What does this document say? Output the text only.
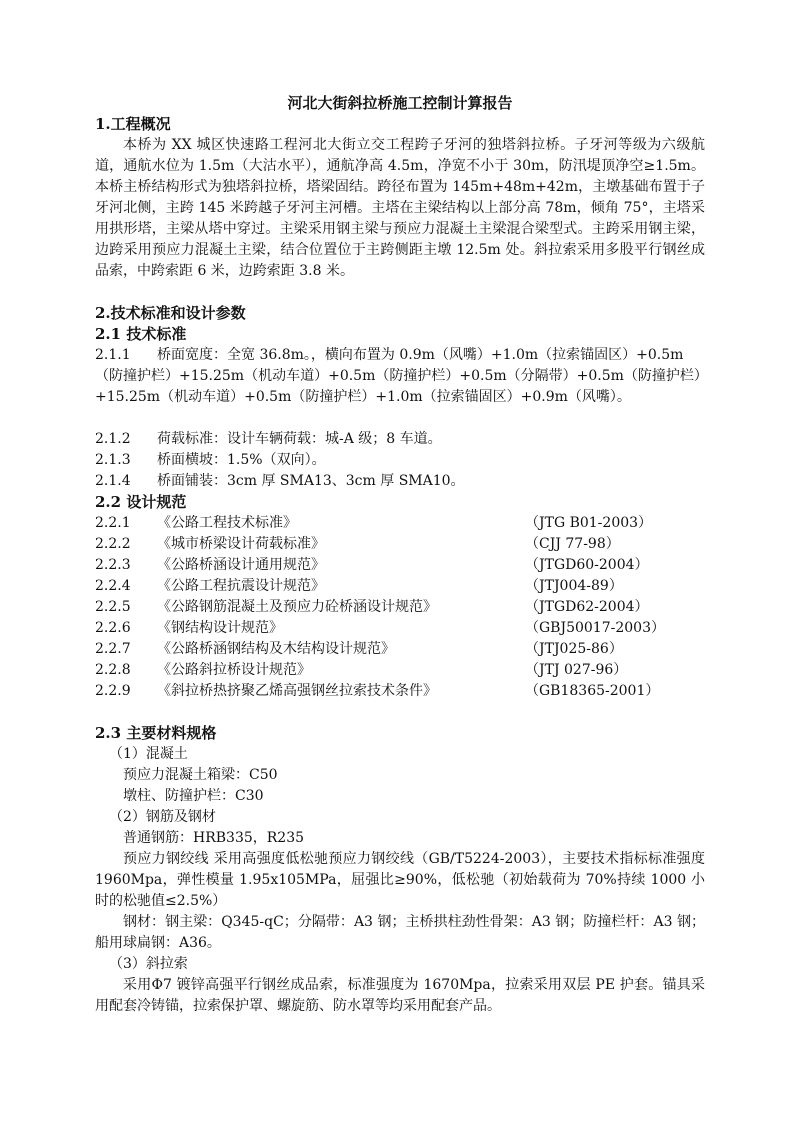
河北大街斜拉桥施工控制计算报告
1.工程概况
本桥为 XX 城区快速路工程河北大街立交工程跨子牙河的独塔斜拉桥。子牙河等级为六级航道，通航水位为 1.5m（大沽水平），通航净高 4.5m，净宽不小于 30m，防汛堤顶净空≥1.5m。本桥主桥结构形式为独塔斜拉桥，塔梁固结。跨径布置为 145m+48m+42m，主墩基础布置于子牙河北侧，主跨 145 米跨越子牙河主河槽。主塔在主梁结构以上部分高 78m，倾角 75°，主塔采用拱形塔，主梁从塔中穿过。主梁采用钢主梁与预应力混凝土主梁混合梁型式。主跨采用钢主梁，边跨采用预应力混凝土主梁，结合位置位于主跨侧距主墩 12.5m 处。斜拉索采用多股平行钢丝成品索，中跨索距 6 米，边跨索距 3.8 米。
2.技术标准和设计参数
2.1 技术标准
2.1.1 桥面宽度：全宽 36.8m。，横向布置为 0.9m（风嘴）+1.0m（拉索锚固区）+0.5m（防撞护栏）+15.25m（机动车道）+0.5m（防撞护栏）+0.5m（分隔带）+0.5m（防撞护栏）+15.25m（机动车道）+0.5m（防撞护栏）+1.0m（拉索锚固区）+0.9m（风嘴）。
2.1.2	荷载标准：设计车辆荷载：城-A 级；8 车道。
2.1.3	桥面横坡：1.5%（双向）。
2.1.4	桥面铺装：3cm 厚 SMA13、3cm 厚 SMA10。
2.2 设计规范
2.2.1	《公路工程技术标准》	（JTG B01-2003）
2.2.2	《城市桥梁设计荷载标准》	（CJJ 77-98）
2.2.3	《公路桥涵设计通用规范》	（JTGD60-2004）
2.2.4	《公路工程抗震设计规范》	（JTJ004-89）
2.2.5	《公路钢筋混凝土及预应力砼桥涵设计规范》	（JTGD62-2004）
2.2.6	《钢结构设计规范》	（GBJ50017-2003）
2.2.7	《公路桥涵钢结构及木结构设计规范》	（JTJ025-86）
2.2.8	《公路斜拉桥设计规范》	（JTJ 027-96）
2.2.9	《斜拉桥热挤聚乙烯高强钢丝拉索技术条件》	（GB18365-2001）
2.3 主要材料规格
（1）混凝土
预应力混凝土箱梁：C50
墩柱、防撞护栏：C30
（2）钢筋及钢材
普通钢筋：HRB335，R235
预应力钢绞线 采用高强度低松驰预应力钢绞线（GB/T5224-2003），主要技术指标标准强度 1960Mpa，弹性模量 1.95x105MPa，屈强比≥90%，低松驰（初始载荷为 70%持续 1000 小时的松驰值≤2.5%）
钢材：钢主梁：Q345-qC；分隔带：A3 钢；主桥拱柱劲性骨架：A3 钢；防撞栏杆：A3 钢；船用球扁钢：A36。
（3）斜拉索
采用Φ7 镀锌高强平行钢丝成品索，标准强度为 1670Mpa，拉索采用双层 PE 护套。锚具采用配套冷铸锚，拉索保护罩、螺旋筋、防水罩等均采用配套产品。
